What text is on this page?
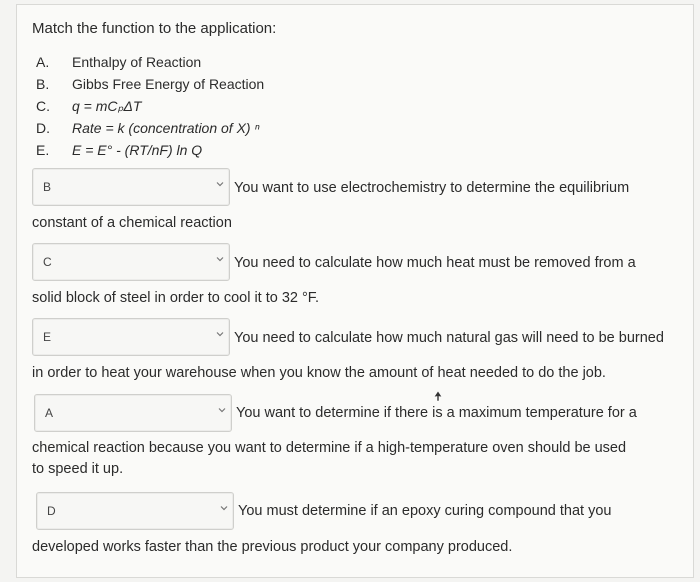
Match the function to the application:
A.	Enthalpy of Reaction
B.	Gibbs Free Energy of Reaction
C.	q = mCₚΔT
D.	Rate = k (concentration of X) ⁿ
E.	E = E° - (RT/nF) ln Q
B	You want to use electrochemistry to determine the equilibrium
constant of a chemical reaction
C	You need to calculate how much heat must be removed from a
solid block of steel in order to cool it to 32 °F.
E	You need to calculate how much natural gas will need to be burned
in order to heat your warehouse when you know the amount of heat needed to do the job.
A	You want to determine if there is a maximum temperature for a
chemical reaction because you want to determine if a high-temperature oven should be used to speed it up.
D	You must determine if an epoxy curing compound that you
developed works faster than the previous product your company produced.
